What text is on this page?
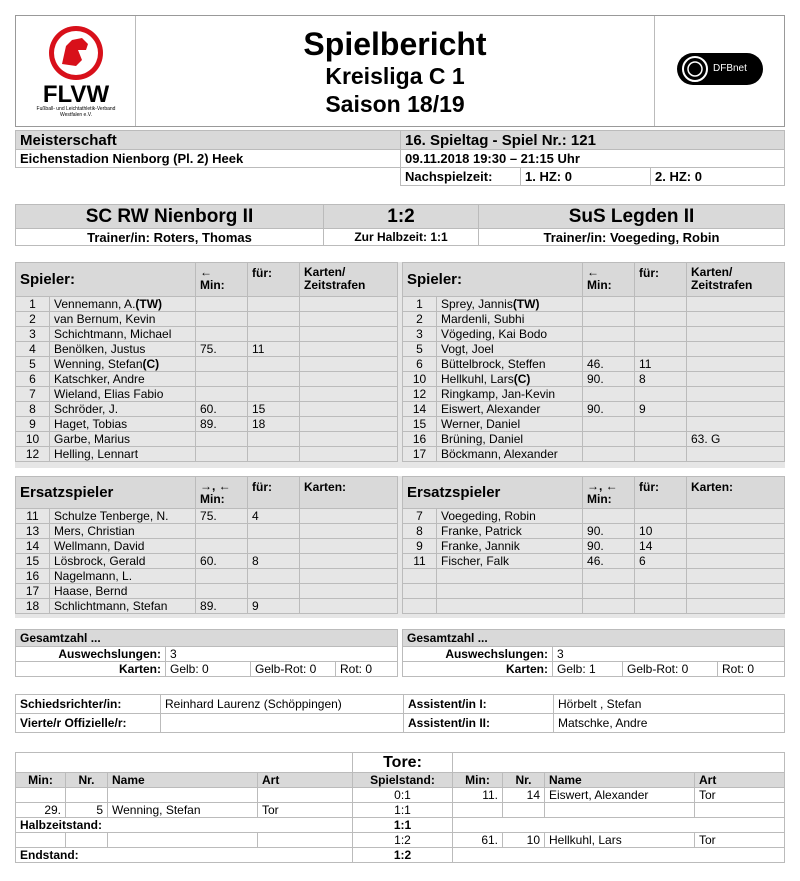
FLVW
FLVW
Fußball- und Leichtathletik-Verband Westfalen e.V.
Spielbericht
Kreisliga C 1
Saison 18/19
DFBnet
Meisterschaft	16. Spieltag - Spiel Nr.: 121		
Eichenstadion Nienborg (Pl. 2) Heek	09.11.2018 19:30 – 21:15 Uhr		
	Nachspielzeit:	1. HZ: 0	2. HZ: 0
SC RW Nienborg II	1:2	SuS Legden II
Trainer/in: Roters, Thomas	Zur Halbzeit: 1:1	Trainer/in: Voegeding, Robin
Spieler:		←
Min:	für:	Karten/
Zeitstrafen
1	Vennemann, A.(TW)			
2	van Bernum, Kevin			
3	Schichtmann, Michael			
4	Benölken, Justus	75.	11	
5	Wenning, Stefan(C)			
6	Katschker, Andre			
7	Wieland, Elias Fabio			
8	Schröder, J.	60.	15	
9	Haget, Tobias	89.	18	
10	Garbe, Marius			
12	Helling, Lennart			
Spieler:		←
Min:	für:	Karten/
Zeitstrafen
1	Sprey, Jannis(TW)			
2	Mardenli, Subhi			
3	Vögeding, Kai Bodo			
5	Vogt, Joel			
6	Büttelbrock, Steffen	46.	11	
10	Hellkuhl, Lars(C)	90.	8	
12	Ringkamp, Jan-Kevin			
14	Eiswert, Alexander	90.	9	
15	Werner, Daniel			
16	Brüning, Daniel			63. G
17	Böckmann, Alexander			
Ersatzspieler		→, ←
Min:	für:	Karten:
11	Schulze Tenberge, N.	75.	4	
13	Mers, Christian			
14	Wellmann, David			
15	Lösbrock, Gerald	60.	8	
16	Nagelmann, L.			
17	Haase, Bernd			
18	Schlichtmann, Stefan	89.	9	
Ersatzspieler		→, ←
Min:	für:	Karten:
7	Voegeding, Robin			
8	Franke, Patrick	90.	10	
9	Franke, Jannik	90.	14	
11	Fischer, Falk	46.	6	

Gesamtzahl ...			
Auswechslungen:	3		
Karten:	Gelb: 0	Gelb-Rot: 0	Rot: 0
Gesamtzahl ...			
Auswechslungen:	3		
Karten:	Gelb: 1	Gelb-Rot: 0	Rot: 0
Schiedsrichter/in:	Reinhard Laurenz (Schöppingen)	Assistent/in I:	Hörbelt , Stefan
Vierte/r Offizielle/r:		Assistent/in II:	Matschke, Andre
				Tore:				
Min:	Nr.	Name	Art	Spielstand:	Min:	Nr.	Name	Art
				0:1	11.	14	Eiswert, Alexander	Tor
29.	5	Wenning, Stefan	Tor	1:1				
Halbzeitstand:				1:1				
				1:2	61.	10	Hellkuhl, Lars	Tor
Endstand:				1:2				
